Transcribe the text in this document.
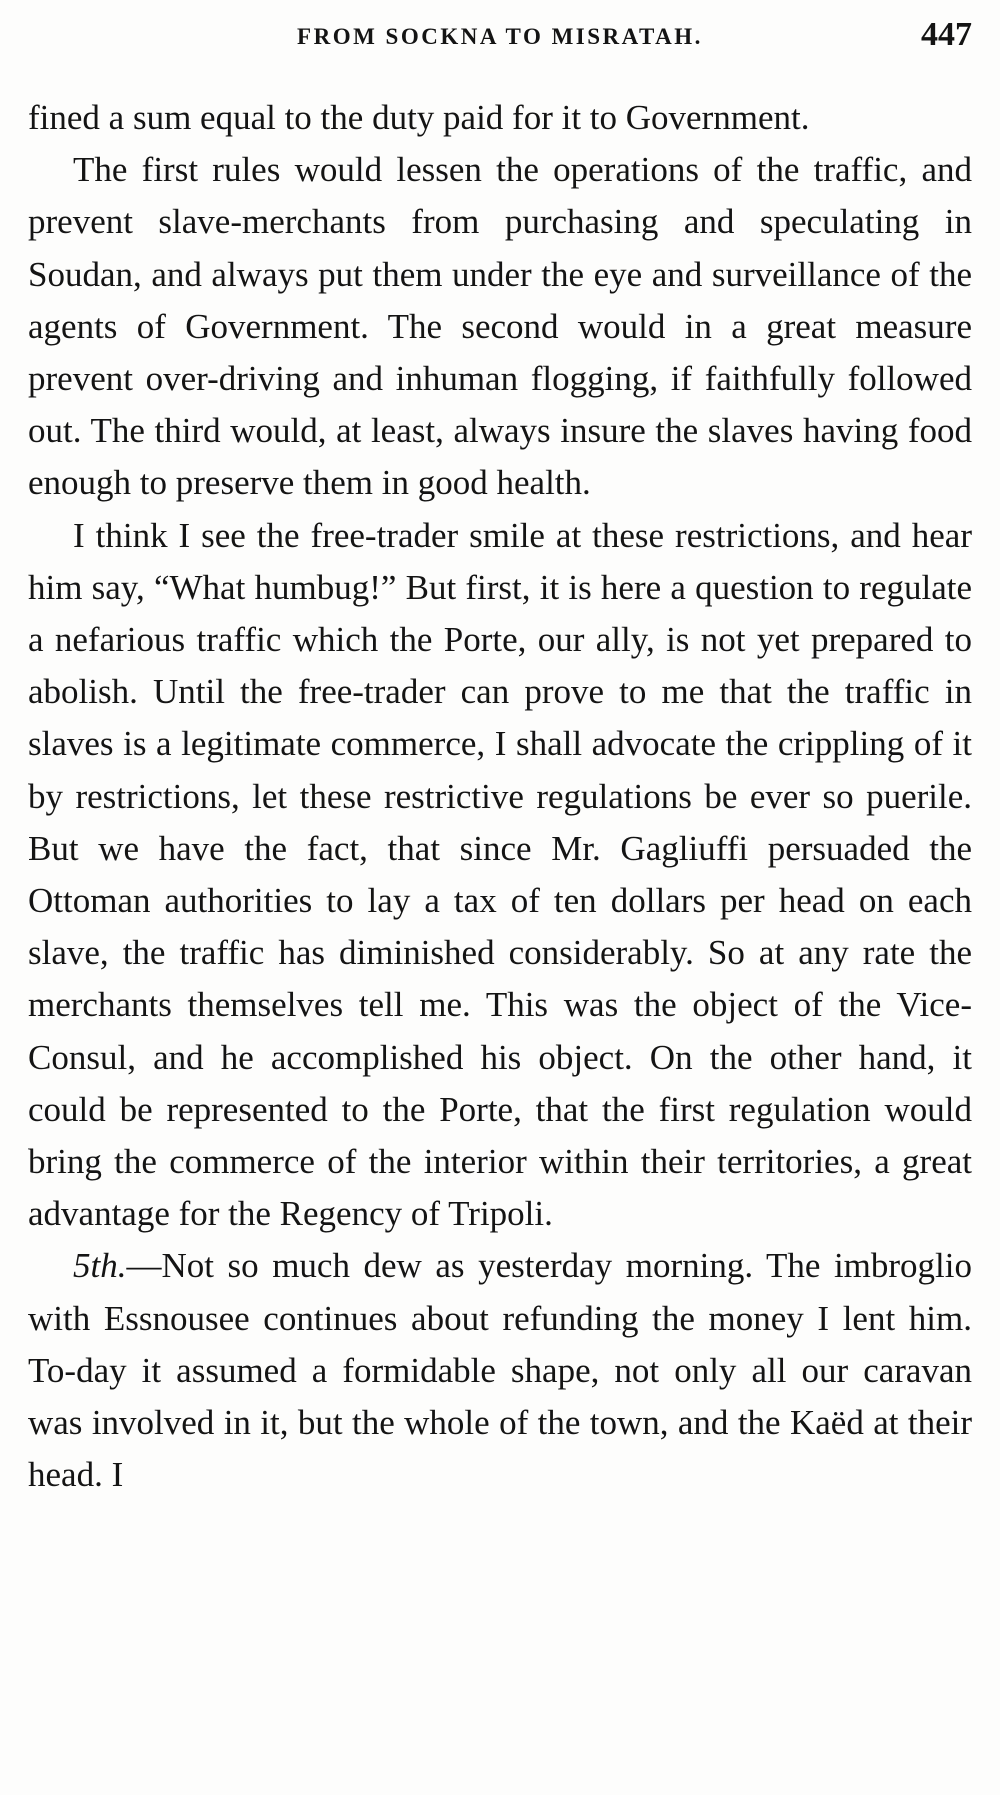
FROM SOCKNA TO MISRATAH.	447

fined a sum equal to the duty paid for it to Government.

The first rules would lessen the operations of the traffic, and prevent slave-merchants from purchasing and speculating in Soudan, and always put them under the eye and surveillance of the agents of Government. The second would in a great measure prevent over-driving and inhuman flogging, if faithfully followed out. The third would, at least, always insure the slaves having food enough to preserve them in good health.

I think I see the free-trader smile at these restrictions, and hear him say, “What humbug!” But first, it is here a question to regulate a nefarious traffic which the Porte, our ally, is not yet prepared to abolish. Until the free-trader can prove to me that the traffic in slaves is a legitimate commerce, I shall advocate the crippling of it by restrictions, let these restrictive regulations be ever so puerile. But we have the fact, that since Mr. Gagliuffi persuaded the Ottoman authorities to lay a tax of ten dollars per head on each slave, the traffic has diminished considerably. So at any rate the merchants themselves tell me. This was the object of the Vice-Consul, and he accomplished his object. On the other hand, it could be represented to the Porte, that the first regulation would bring the commerce of the interior within their territories, a great advantage for the Regency of Tripoli.

5th.—Not so much dew as yesterday morning. The imbroglio with Essnousee continues about refunding the money I lent him. To-day it assumed a formidable shape, not only all our caravan was involved in it, but the whole of the town, and the Kaëd at their head. I
